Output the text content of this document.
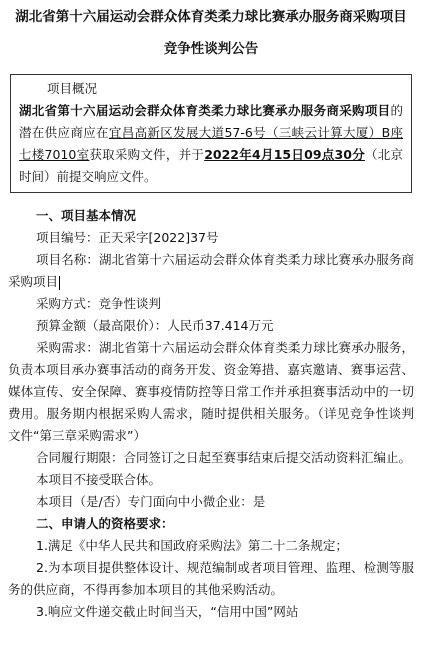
湖北省第十六届运动会群众体育类柔力球比赛承办服务商采购项目
竞争性谈判公告
项目概况
湖北省第十六届运动会群众体育类柔力球比赛承办服务商采购项目的潜在供应商应在宜昌高新区发展大道57-6号（三峡云计算大厦）B座七楼7010室获取采购文件，并于2022年4月15日09点30分（北京时间）前提交响应文件。
一、项目基本情况
项目编号：正天采字[2022]37号
项目名称：湖北省第十六届运动会群众体育类柔力球比赛承办服务商采购项目
采购方式：竞争性谈判
预算金额（最高限价）：人民币37.414万元
采购需求：湖北省第十六届运动会群众体育类柔力球比赛承办服务，负责本项目承办赛事活动的商务开发、资金筹措、嘉宾邀请、赛事运营、媒体宣传、安全保障、赛事疫情防控等日常工作并承担赛事活动中的一切费用。服务期内根据采购人需求，随时提供相关服务。（详见竞争性谈判文件“第三章采购需求”）
合同履行期限：合同签订之日起至赛事结束后提交活动资料汇编止。
本项目不接受联合体。
本项目（是/否）专门面向中小微企业：是
二、申请人的资格要求：
1.满足《中华人民共和国政府采购法》第二十二条规定；
2.为本项目提供整体设计、规范编制或者项目管理、监理、检测等服务的供应商，不得再参加本项目的其他采购活动。
3.响应文件递交截止时间当天，“信用中国”网站
